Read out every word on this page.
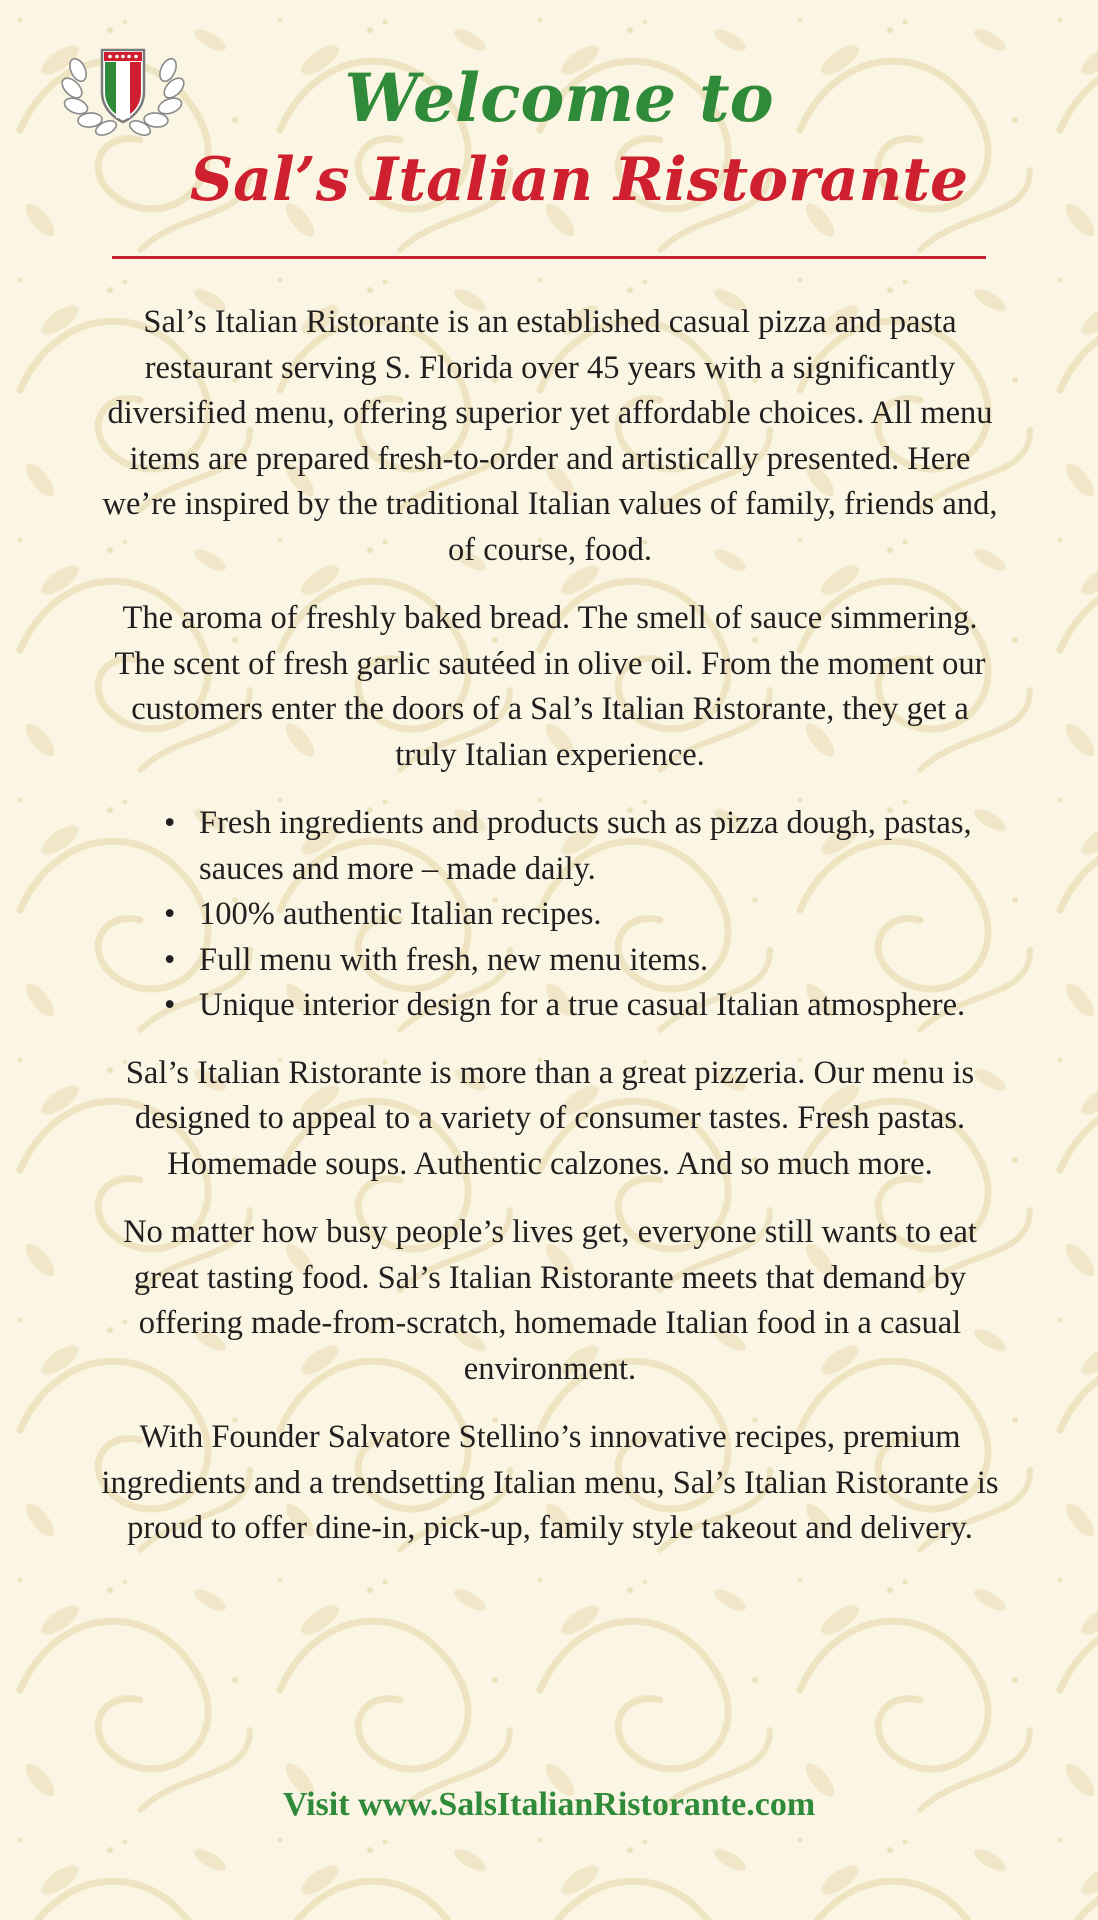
Welcome to
Sal’s Italian Ristorante

Sal’s Italian Ristorante is an established casual pizza and pasta restaurant serving S. Florida over 45 years with a significantly diversified menu, offering superior yet affordable choices. All menu items are prepared fresh-to-order and artistically presented. Here we’re inspired by the traditional Italian values of family, friends and, of course, food.

The aroma of freshly baked bread. The smell of sauce simmering. The scent of fresh garlic sautéed in olive oil. From the moment our customers enter the doors of a Sal’s Italian Ristorante, they get a truly Italian experience.

• Fresh ingredients and products such as pizza dough, pastas, sauces and more – made daily.
• 100% authentic Italian recipes.
• Full menu with fresh, new menu items.
• Unique interior design for a true casual Italian atmosphere.

Sal’s Italian Ristorante is more than a great pizzeria. Our menu is designed to appeal to a variety of consumer tastes. Fresh pastas. Homemade soups. Authentic calzones. And so much more.

No matter how busy people’s lives get, everyone still wants to eat great tasting food. Sal’s Italian Ristorante meets that demand by offering made-from-scratch, homemade Italian food in a casual environment.

With Founder Salvatore Stellino’s innovative recipes, premium ingredients and a trendsetting Italian menu, Sal’s Italian Ristorante is proud to offer dine-in, pick-up, family style takeout and delivery.

Visit www.SalsItalianRistorante.com
